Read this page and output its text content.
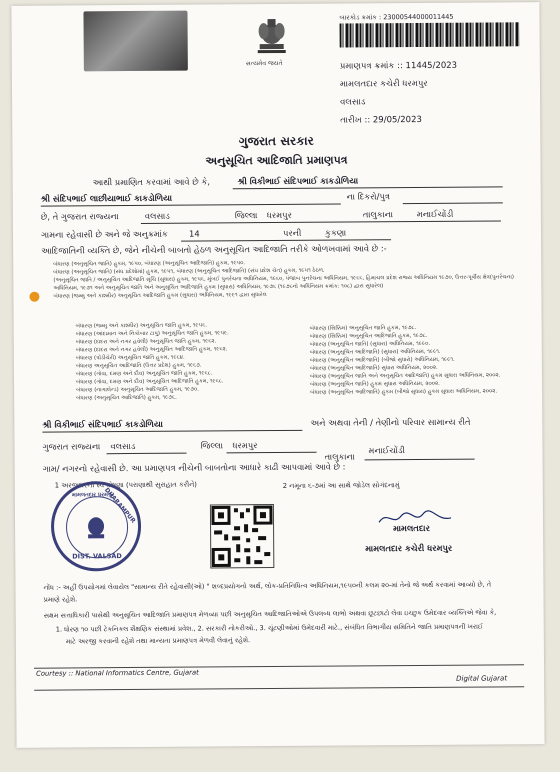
સત્યમેવ જયતે
બારકોડ ક્રમાંક : 23000544000011445
પ્રમાણપત્ર ક્રમાંક :: 11445/2023
મામલતદાર કચેરી ધરમપુર
વલસાડ
તારીખ :: 29/05/2023
ગુજરાત સરકાર
અનુસૂચિત આદિજાતિ પ્રમાણપત્ર
આથી પ્રમાણિત કરવામાં આવે છે કે,	શ્રી વિકીભાઈ સંદિપભાઈ કાકડોળિયા
શ્રી સંદિપભાઈ લાછીયાભાઈ કાકડોળિયા	ના દિકરો/પુત્ર
છે, તે ગુજરાત રાજ્યના	વલસાડ	જિલ્લા ધરમપુર	તાલુકાના	મનાઈચોંડી
ગામના રહેવાસી છે અને જે અનુક્રમાંક	14	પરની	કુકણા
આદિજાતિની વ્યક્તિ છે, જેને નીચેની બાબતો હેઠળ અનુસૂચિત આદિજાતિ તરીકે ઓળખવામાં આવે છે :-
બંધારણ (અનુસૂચિત જાતિ) હુકમ, ૧૯૫૦, બંધારણ (અનુસૂચિત આદિજાતિ) હુકમ, ૧૯૫૦.
બંધારણ (અનુસૂચિત જાતિ) (સંઘ પ્રદેશોમાં) હુકમ, ૧૯૫૧, બંધારણ (અનુસૂચિત આદિજાતિ) (સંઘ પ્રદેશ ચેત) હુકમ, ૧૯૫૧ ઠેઠળ.
(અનુસૂચિત જાતિ / અનુસૂચિત આદિજાતિ સૂચિ (સુધારા) હુકમ, ૧૯૫૬, મુંબઈ પુનર્રચના અધિનિયમ, ૧૯૬૦, પંજાબ પુનર્રચના અધિનિયમ, ૧૯૬૬, હિમાચલ પ્રદેશ રાજ્ય અધિનિયમ ૧૯૭૦, ઉત્તર-પૂર્વીય ક્ષેત્ર(પુનર્રચના)
અધિનિયમ, ૧૯૭૧ અને અનુસૂચિત જાતિ અને અનુસૂચિત આદિજાતિ હુકમ (સુધારા) અધિનિયમ, ૧૯૭૬ (૧૯૭૬નો અધિનિયમ ક્રમાંક: ૧૦૮) દ્વારા સુધારેલ)
બંધારણ (જમ્મુ અને કાશ્મીર) અનુસૂચિત આદિજાતિ હુકમ (સુધારા) અધિનિયમ, ૧૯૯૧ દ્વારા સુધારેલ
બંધારણ (જમ્મુ અને કાશ્મીર) અનુસૂચિત જાતિ હુકમ, ૧૯૫૬.
બંધારણ (આંદામાન અને નિકોબાર ટાપુ) અનુસૂચિત જાતિ હુકમ, ૧૯૫૯.
બંધારણ (દાદરા અને નગર હવેલી) અનુસૂચિત જાતિ હુકમ, ૧૯૬૨.
બંધારણ (દાદરા અને નગર હવેલી) અનુસૂચિત આદિજાતિ હુકમ, ૧૯૬૨.
બંધારણ (પોંડીચેરી) અનુસૂચિત જાતિ હુકમ, ૧૯૬૪.
બંધારણ અનુસૂચિત આદિજાતિ (ઉત્તર પ્રદેશ) હુકમ, ૧૯૬૭.
બંધારણ (ગોવા, દમણ અને દીવ) અનુસૂચિત જાતિ હુકમ, ૧૯૬૮.
બંધારણ (ગોવા, દમણ અને દીવ) અનુસૂચિત આદિજાતિ હુકમ, ૧૯૬૮.
બંધારણ (નાગાલેન્ડ) અનુસૂચિત આદિજાતિ હુકમ, ૧૯૭૦.
બંધારણ (અનુસૂચિત આદિજાતિ) હુકમ, ૧૯૭૬.
બંધારણ (સિક્કિમ) અનુસૂચિત જાતિ હુકમ, ૧૯૭૮.
બંધારણ (સિક્કિમ) અનુસૂચિત આદિજાતિ હુકમ, ૧૯૭૮.
બંધારણ (અનુસૂચિત જાતિ) (સુધારા) અધિનિયમ, ૧૯૯૦.
બંધારણ (અનુસૂચિત આદિજાતિ) (સુધારા) અધિનિયમ, ૧૯૯૧.
બંધારણ (અનુસૂચિત આદિજાતિ) (બીજો સુધારો) અધિનિયમ, ૧૯૯૧.
બંધારણ (અનુસૂચિત આદિજાતિ) સુધારા અધિનિયમ, ૨૦૦૨.
બંધારણ (અનુસૂચિત જાતિ અને અનુસૂચિત આદિજાતિ) હુકમ સુધારા અધિનિયમ, ૨૦૦૨.
બંધારણ (અનુસૂચિત જાતિ) હુકમ સુધારા અધિનિયમ, ૨૦૦૨.
બંધારણ (અનુસૂચિત આદિજાતિ) હુકમ (બીજો સુધારા) હુકમ સુધારા અધિનિયમ, ૨૦૦૨.
શ્રી વિકીભાઈ સંદિપભાઈ કાકડોળિયા	અને અથવા તેની / તેણીનો પરિવાર સામાન્ય રીતે
ગુજરાત રાજ્યના વલસાડ	જિલ્લા ધરમપુર
તાલુકાના
મનાઈચોંડી
ગામ/ નગરનો રહેવાસી છે. આ પ્રમાણપત્ર નીચેની બાબતોના આધારે કાઢી આપવામાં આવે છે :
1 અરજદારની સ્વ ઘોષણા (પરાણાથી સુરાહાત કરીને)	2 નમૂના ૬-૭માં આ સાથે જોડેલ સોગંદનામું
મામલતદાર ધરમપુર
DHARAMPUR
DIST. VALSAD
મામલતદાર
મામલતદાર કચેરી ધરમપુર
નોંધ :- અહીં ઉપયોગમાં લેવાયેલ "સામાન્ય રીતે રહેવાસી(ઓ) " શબ્દપ્રયોગનો અર્થ, લોક-પ્રતિનિધિત્વ અધિનિયમ,૧૯૫૦ની કલમ ૨૦-માં તેનો જે અર્થ કરવામાં આવ્યો છે, તે
પ્રમાણે રહેશે.
સક્ષમ સત્તાધિકારી પાસેથી અનુસૂચિત આદિજાતિ પ્રમાણપત્ર મેળવ્યા પછી અનુસૂચિત આદિજાતિઓએ ઉપલબ્ધ લાભો અથવા છૂટછાટો લેવા ઇચ્છુક ઉમેદવાર વ્યક્તિએ જેવા કે,
1. ધોરણ ૧૦ પછી ટેકનિકલ શૈક્ષણિક સંસ્થામાં પ્રવેશ., 2. સરકારી નોકરીઓ., 3. ચૂંટણીઓમાં ઉમેદવારી માટે., સંબંધિત વિભાગીય સમિતિને જાતિ પ્રમાણપત્રની ખરાઈ
માટે અરજી કરવાની રહેશે તથા માન્યતા પ્રમાણપત્ર મેળવી લેવાનું રહેશે.
Courtesy :: National Informatics Centre, Gujarat
Digital Gujarat
